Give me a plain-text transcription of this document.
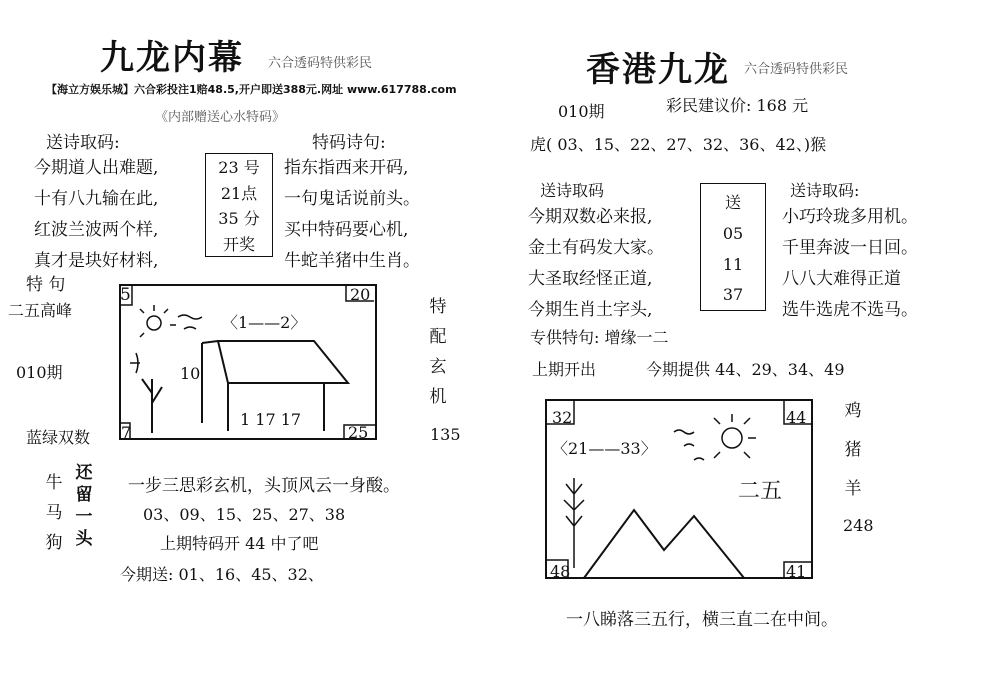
九龙内幕 六合透码特供彩民
【海立方娱乐城】六合彩投注1赔48.5,开户即送388元.网址 www.617788.com
《内部赠送心水特码》
送诗取码:	特码诗句:
今期道人出难题,
十有八九输在此,
红波兰波两个样,
真才是块好材料,
23 号
21点
35 分
开奖
指东指西来开码,
一句鬼话说前头。
买中特码要心机,
牛蛇羊猪中生肖。
特 句
二五高峰
010期
蓝绿双数
5	20
7	25
〈1——2〉
10
1 17 17
特
配
玄
机
135
牛
马
狗
还
留
一
头
一步三思彩玄机，头顶风云一身酸。
03、09、15、25、27、38
上期特码开 44 中了吧
今期送: 01、16、45、32、
香港九龙 六合透码特供彩民
010期	彩民建议价: 168 元
虎( 03、15、22、27、32、36、42、)猴
送诗取码	送诗取码:
今期双数必来报,
金土有码发大家。
大圣取经怪正道,
今期生肖土字头,
送
05
11
37
小巧玲珑多用机。
千里奔波一日回。
八八大难得正道
选牛选虎不选马。
专供特句: 增缘一二
上期开出	今期提供 44、29、34、49
32	44
48	41
〈21——33〉
二五
鸡
猪
羊
248
一八睇落三五行，横三直二在中间。
